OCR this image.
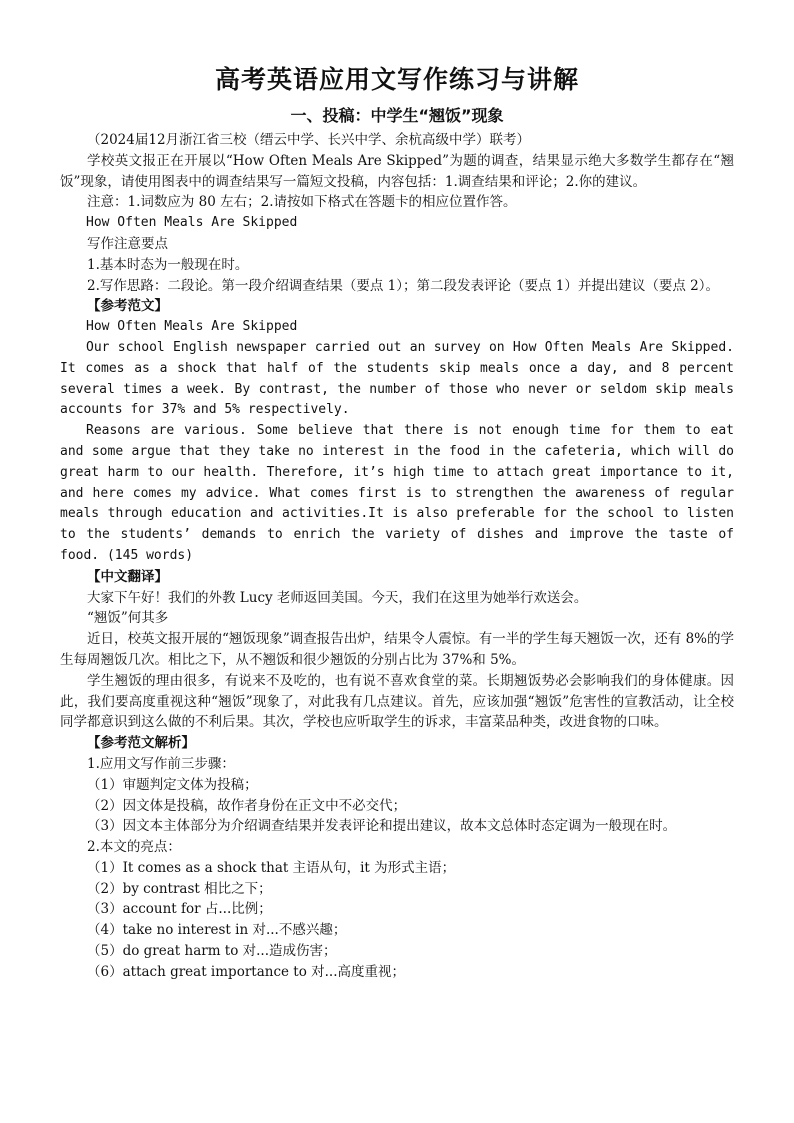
高考英语应用文写作练习与讲解
一、投稿：中学生“翘饭”现象

（2024届12月浙江省三校（缙云中学、长兴中学、余杭高级中学）联考）

学校英文报正在开展以“How Often Meals Are Skipped”为题的调查，结果显示绝大多数学生都存在“翘饭”现象，请使用图表中的调查结果写一篇短文投稿，内容包括：1.调查结果和评论；2.你的建议。

注意：1.词数应为 80 左右；2.请按如下格式在答题卡的相应位置作答。

How Often Meals Are Skipped

写作注意要点

1.基本时态为一般现在时。

2.写作思路：二段论。第一段介绍调查结果（要点 1）；第二段发表评论（要点 1）并提出建议（要点 2）。

【参考范文】

How Often Meals Are Skipped

Our school English newspaper carried out an survey on How Often Meals Are Skipped. It comes as a shock that half of the students skip meals once a day, and 8 percent several times a week. By contrast, the number of those who never or seldom skip meals accounts for 37% and 5% respectively.

Reasons are various. Some believe that there is not enough time for them to eat and some argue that they take no interest in the food in the cafeteria, which will do great harm to our health. Therefore, it’s high time to attach great importance to it, and here comes my advice. What comes first is to strengthen the awareness of regular meals through education and activities.It is also preferable for the school to listen to the students’ demands to enrich the variety of dishes and improve the taste of food. (145 words)

【中文翻译】

大家下午好！我们的外教 Lucy 老师返回美国。今天，我们在这里为她举行欢送会。

“翘饭”何其多

近日，校英文报开展的“翘饭现象”调查报告出炉，结果令人震惊。有一半的学生每天翘饭一次，还有 8%的学生每周翘饭几次。相比之下，从不翘饭和很少翘饭的分别占比为 37%和 5%。

学生翘饭的理由很多，有说来不及吃的，也有说不喜欢食堂的菜。长期翘饭势必会影响我们的身体健康。因此，我们要高度重视这种“翘饭”现象了，对此我有几点建议。首先，应该加强“翘饭”危害性的宣教活动，让全校同学都意识到这么做的不利后果。其次，学校也应听取学生的诉求，丰富菜品种类，改进食物的口味。

【参考范文解析】

1.应用文写作前三步骤：

（1）审题判定文体为投稿；

（2）因文体是投稿，故作者身份在正文中不必交代；

（3）因文本主体部分为介绍调查结果并发表评论和提出建议，故本文总体时态定调为一般现在时。

2.本文的亮点：

（1）It comes as a shock that 主语从句，it 为形式主语；

（2）by contrast 相比之下；

（3）account for 占...比例；

（4）take no interest in 对...不感兴趣；

（5）do great harm to 对...造成伤害；

（6）attach great importance to 对...高度重视；
